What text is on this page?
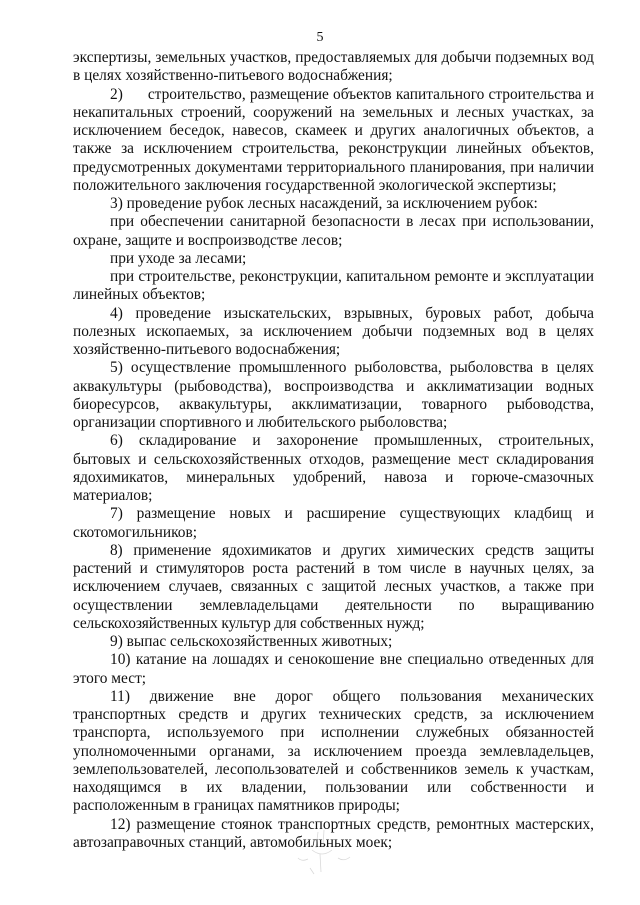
5

экспертизы, земельных участков, предоставляемых для добычи подземных вод в целях хозяйственно-питьевого водоснабжения;

2)      строительство, размещение объектов капитального строительства и некапитальных строений, сооружений на земельных и лесных участках, за исключением беседок, навесов, скамеек и других аналогичных объектов, а также за исключением строительства, реконструкции линейных объектов, предусмотренных документами территориального планирования, при наличии положительного заключения государственной экологической экспертизы;

3) проведение рубок лесных насаждений, за исключением рубок:

при обеспечении санитарной безопасности в лесах при использовании, охране, защите и воспроизводстве лесов;

при уходе за лесами;

при строительстве, реконструкции, капитальном ремонте и эксплуатации линейных объектов;

4) проведение изыскательских, взрывных, буровых работ, добыча полезных ископаемых, за исключением добычи подземных вод в целях хозяйственно-питьевого водоснабжения;

5) осуществление промышленного рыболовства, рыболовства в целях аквакультуры (рыбоводства), воспроизводства и акклиматизации водных биоресурсов, аквакультуры, акклиматизации, товарного рыбоводства, организации спортивного и любительского рыболовства;

6) складирование и захоронение промышленных, строительных, бытовых и сельскохозяйственных отходов, размещение мест складирования ядохимикатов, минеральных удобрений, навоза и горюче-смазочных материалов;

7) размещение новых и расширение существующих кладбищ и скотомогильников;

8) применение ядохимикатов и других химических средств защиты растений и стимуляторов роста растений в том числе в научных целях, за исключением случаев, связанных с защитой лесных участков, а также при осуществлении землевладельцами деятельности по выращиванию сельскохозяйственных культур для собственных нужд;

9) выпас сельскохозяйственных животных;

10) катание на лошадях и сенокошение вне специально отведенных для этого мест;

11) движение вне дорог общего пользования механических транспортных средств и других технических средств, за исключением транспорта, используемого при исполнении служебных обязанностей уполномоченными органами, за исключением проезда землевладельцев, землепользователей, лесопользователей и собственников земель к участкам, находящимся в их владении, пользовании или собственности и расположенным в границах памятников природы;

12) размещение стоянок транспортных средств, ремонтных мастерских, автозаправочных станций, автомобильных моек;
